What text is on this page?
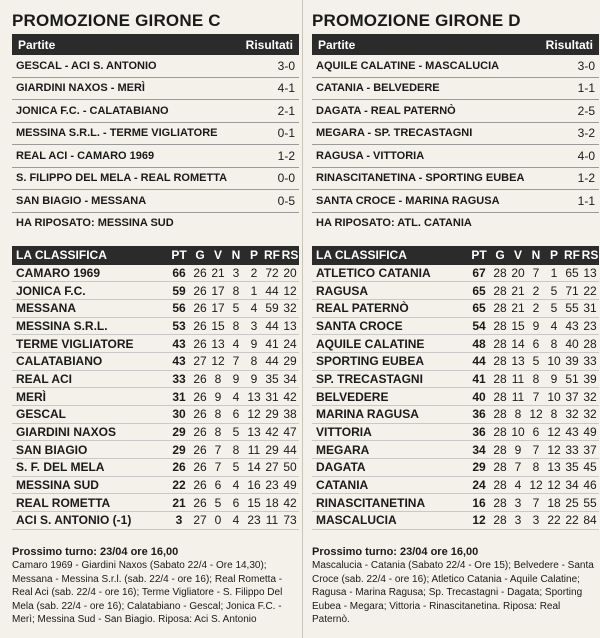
PROMOZIONE GIRONE C
Partite	Risultati
GESCAL - ACI S. ANTONIO	3-0
GIARDINI NAXOS - MERÌ	4-1
JONICA F.C. - CALATABIANO	2-1
MESSINA S.R.L. - TERME VIGLIATORE	0-1
REAL ACI - CAMARO 1969	1-2
S. FILIPPO DEL MELA - REAL ROMETTA	0-0
SAN BIAGIO - MESSANA	0-5
HA RIPOSATO: MESSINA SUD
LA CLASSIFICA	PT G V N P RF RS
CAMARO 1969	66 26 21 3 2 72 20
JONICA F.C.	59 26 17 8 1 44 12
MESSANA	56 26 17 5 4 59 32
MESSINA S.R.L.	53 26 15 8 3 44 13
TERME VIGLIATORE	43 26 13 4 9 41 24
CALATABIANO	43 27 12 7 8 44 29
REAL ACI	33 26 8 9 9 35 34
MERÌ	31 26 9 4 13 31 42
GESCAL	30 26 8 6 12 29 38
GIARDINI NAXOS	29 26 8 5 13 42 47
SAN BIAGIO	29 26 7 8 11 29 44
S. F. DEL MELA	26 26 7 5 14 27 50
MESSINA SUD	22 26 6 4 16 23 49
REAL ROMETTA	21 26 5 6 15 18 42
ACI S. ANTONIO (-1)	3 27 0 4 23 11 73
Prossimo turno: 23/04 ore 16,00
Camaro 1969 - Giardini Naxos (Sabato 22/4 - Ore 14,30); Messana - Messina S.r.l. (sab. 22/4 - ore 16); Real Rometta - Real Aci (sab. 22/4 - ore 16); Terme Vigliatore - S. Filippo Del Mela (sab. 22/4 - ore 16); Calatabiano - Gescal; Jonica F.C. - Merì; Messina Sud - San Biagio. Riposa: Aci S. Antonio
PROMOZIONE GIRONE D
Partite	Risultati
AQUILE CALATINE - MASCALUCIA	3-0
CATANIA - BELVEDERE	1-1
DAGATA - REAL PATERNÒ	2-5
MEGARA - SP. TRECASTAGNI	3-2
RAGUSA - VITTORIA	4-0
RINASCITANETINA - SPORTING EUBEA	1-2
SANTA CROCE - MARINA RAGUSA	1-1
HA RIPOSATO: ATL. CATANIA
LA CLASSIFICA	PT G V N P RF RS
ATLETICO CATANIA	67 28 20 7 1 65 13
RAGUSA	65 28 21 2 5 71 22
REAL PATERNÒ	65 28 21 2 5 55 31
SANTA CROCE	54 28 15 9 4 43 23
AQUILE CALATINE	48 28 14 6 8 40 28
SPORTING EUBEA	44 28 13 5 10 39 33
SP. TRECASTAGNI	41 28 11 8 9 51 39
BELVEDERE	40 28 11 7 10 37 32
MARINA RAGUSA	36 28 8 12 8 32 32
VITTORIA	36 28 10 6 12 43 49
MEGARA	34 28 9 7 12 33 37
DAGATA	29 28 7 8 13 35 45
CATANIA	24 28 4 12 12 34 46
RINASCITANETINA	16 28 3 7 18 25 55
MASCALUCIA	12 28 3 3 22 22 84
Prossimo turno: 23/04 ore 16,00
Mascalucia - Catania (Sabato 22/4 - Ore 15); Belvedere - Santa Croce (sab. 22/4 - ore 16); Atletico Catania - Aquile Calatine; Ragusa - Marina Ragusa; Sp. Trecastagni - Dagata; Sporting Eubea - Megara; Vittoria - Rinascitanetina. Riposa: Real Paternò.
